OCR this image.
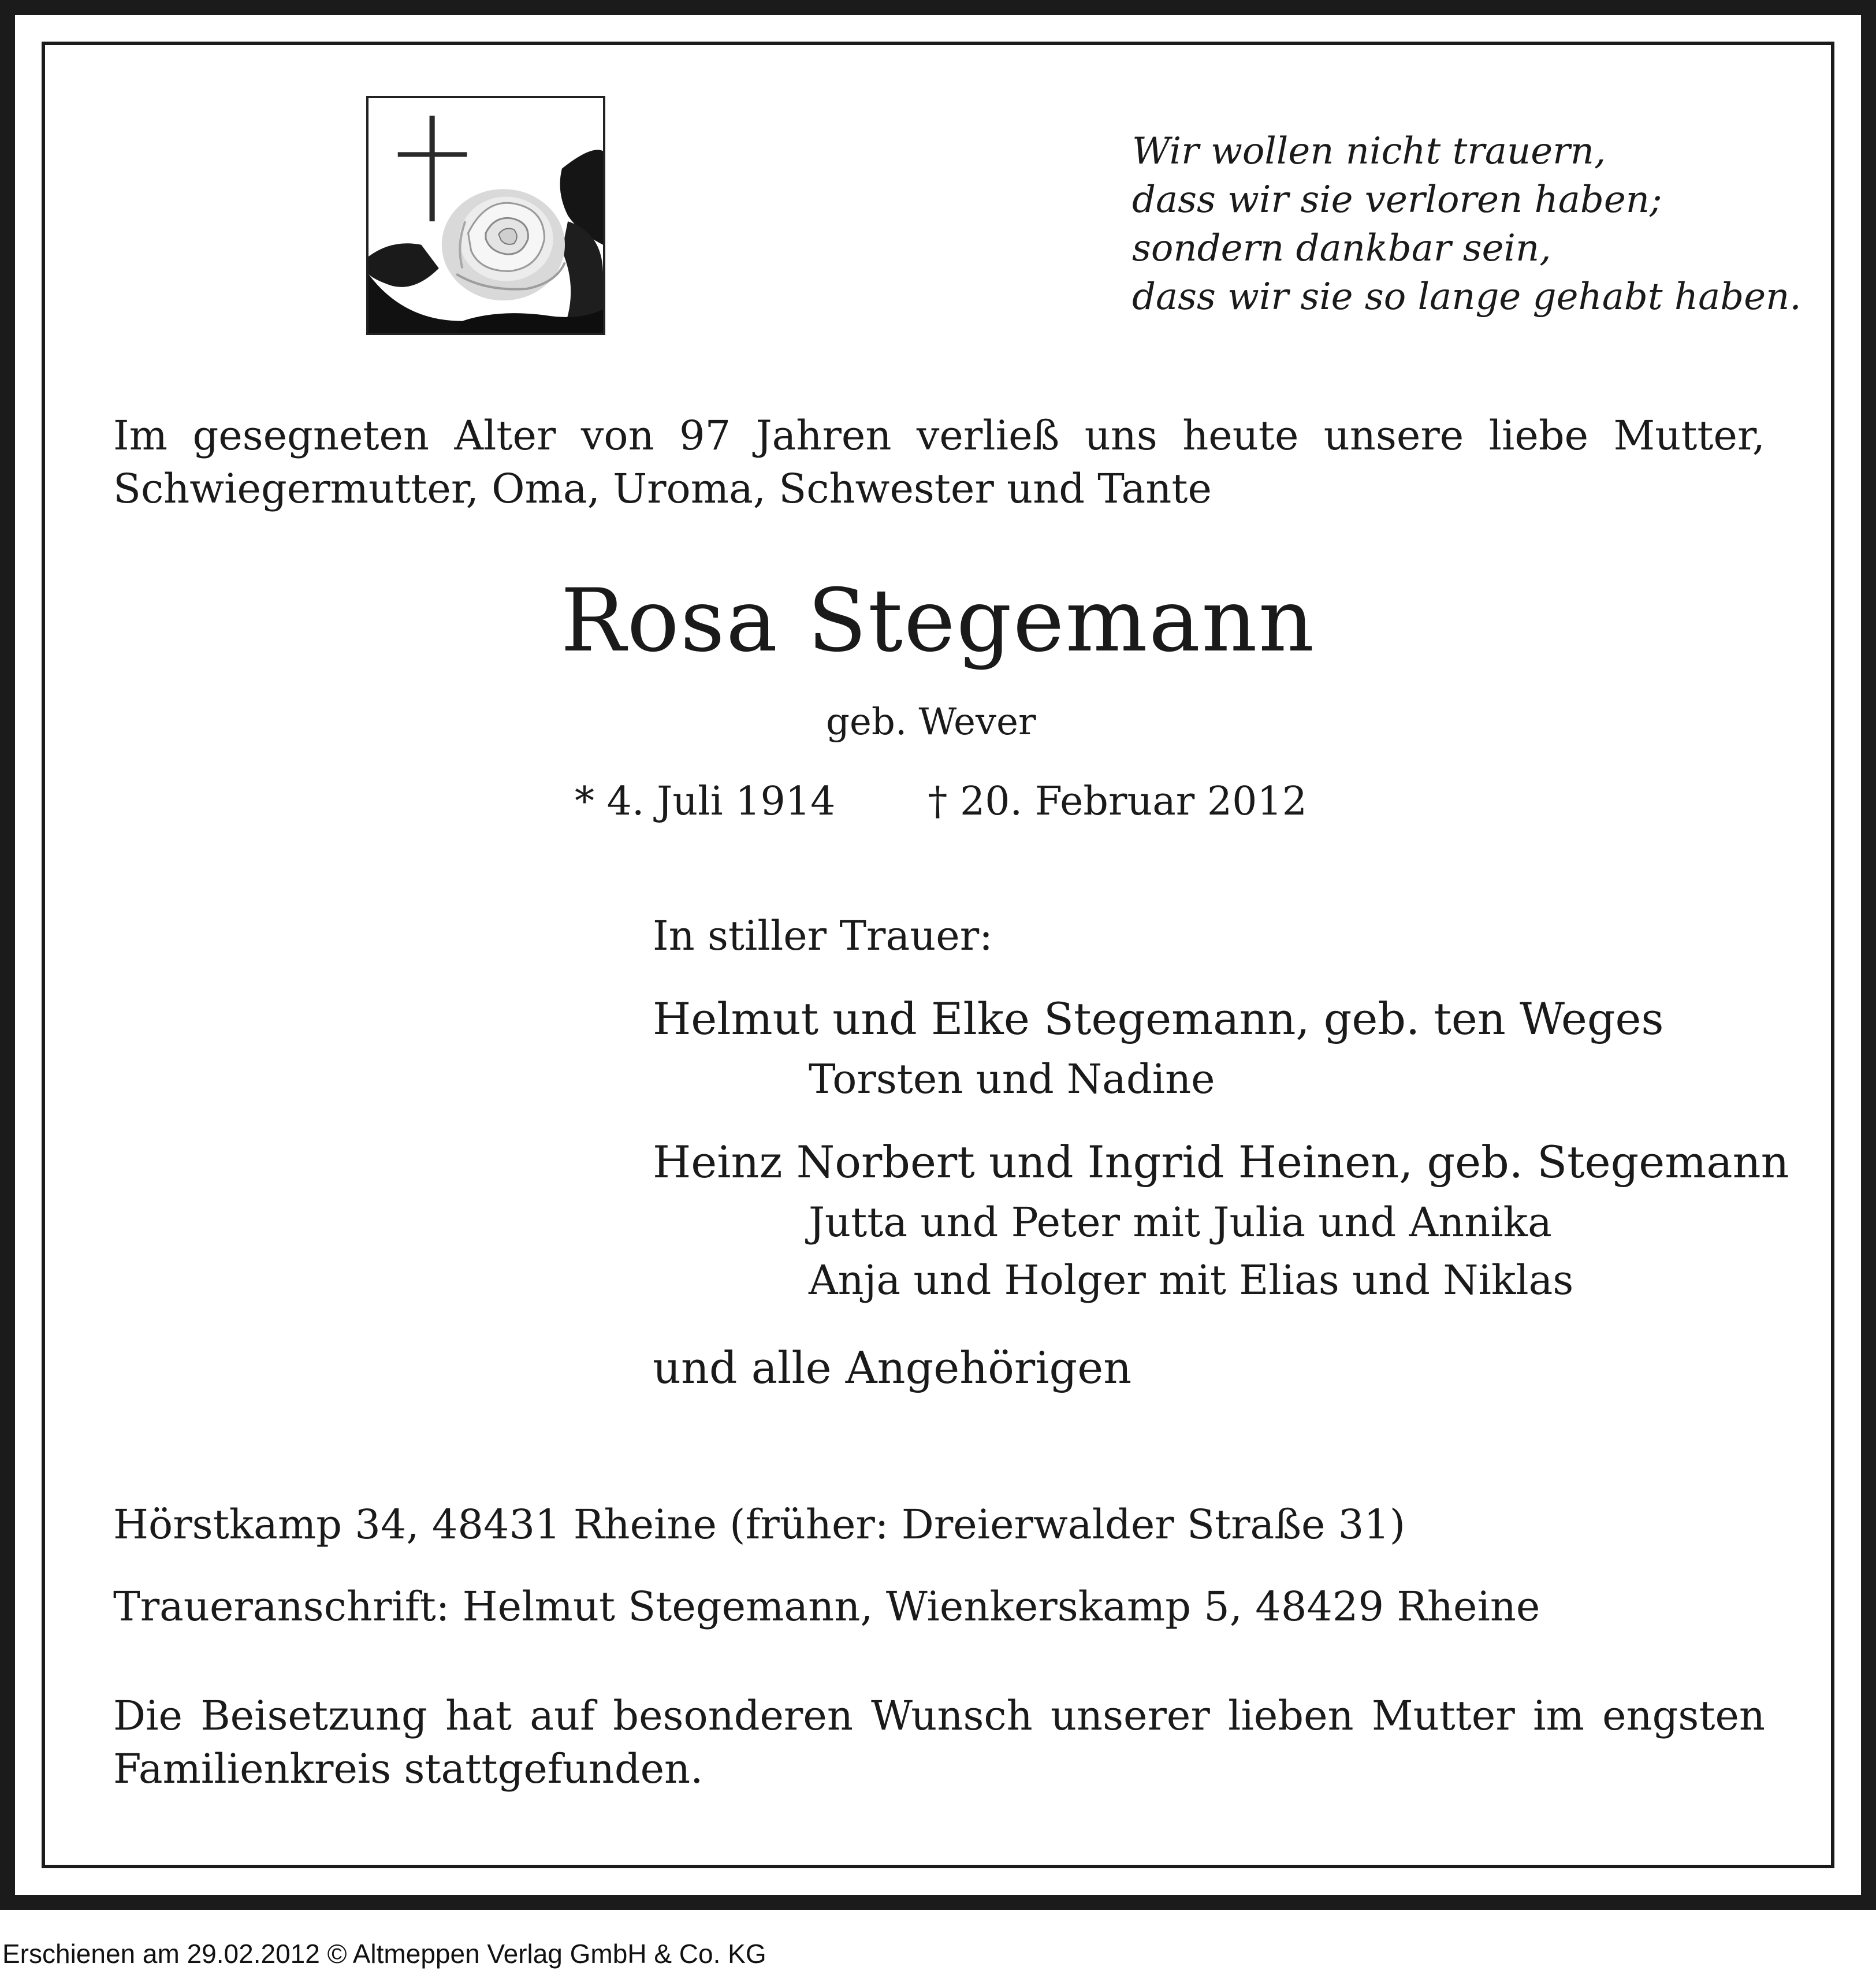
Wir wollen nicht trauern,
dass wir sie verloren haben;
sondern dankbar sein,
dass wir sie so lange gehabt haben.
Im gesegneten Alter von 97 Jahren verließ uns heute unsere liebe Mutter, Schwiegermutter, Oma, Uroma, Schwester und Tante
Rosa Stegemann
geb. Wever
* 4. Juli 1914 † 20. Februar 2012
In stiller Trauer:
Helmut und Elke Stegemann, geb. ten Weges
Torsten und Nadine
Heinz Norbert und Ingrid Heinen, geb. Stegemann
Jutta und Peter mit Julia und Annika
Anja und Holger mit Elias und Niklas
und alle Angehörigen
Hörstkamp 34, 48431 Rheine (früher: Dreierwalder Straße 31)
Traueranschrift: Helmut Stegemann, Wienkerskamp 5, 48429 Rheine
Die Beisetzung hat auf besonderen Wunsch unserer lieben Mutter im engsten Familienkreis stattgefunden.
Erschienen am 29.02.2012 © Altmeppen Verlag GmbH & Co. KG
